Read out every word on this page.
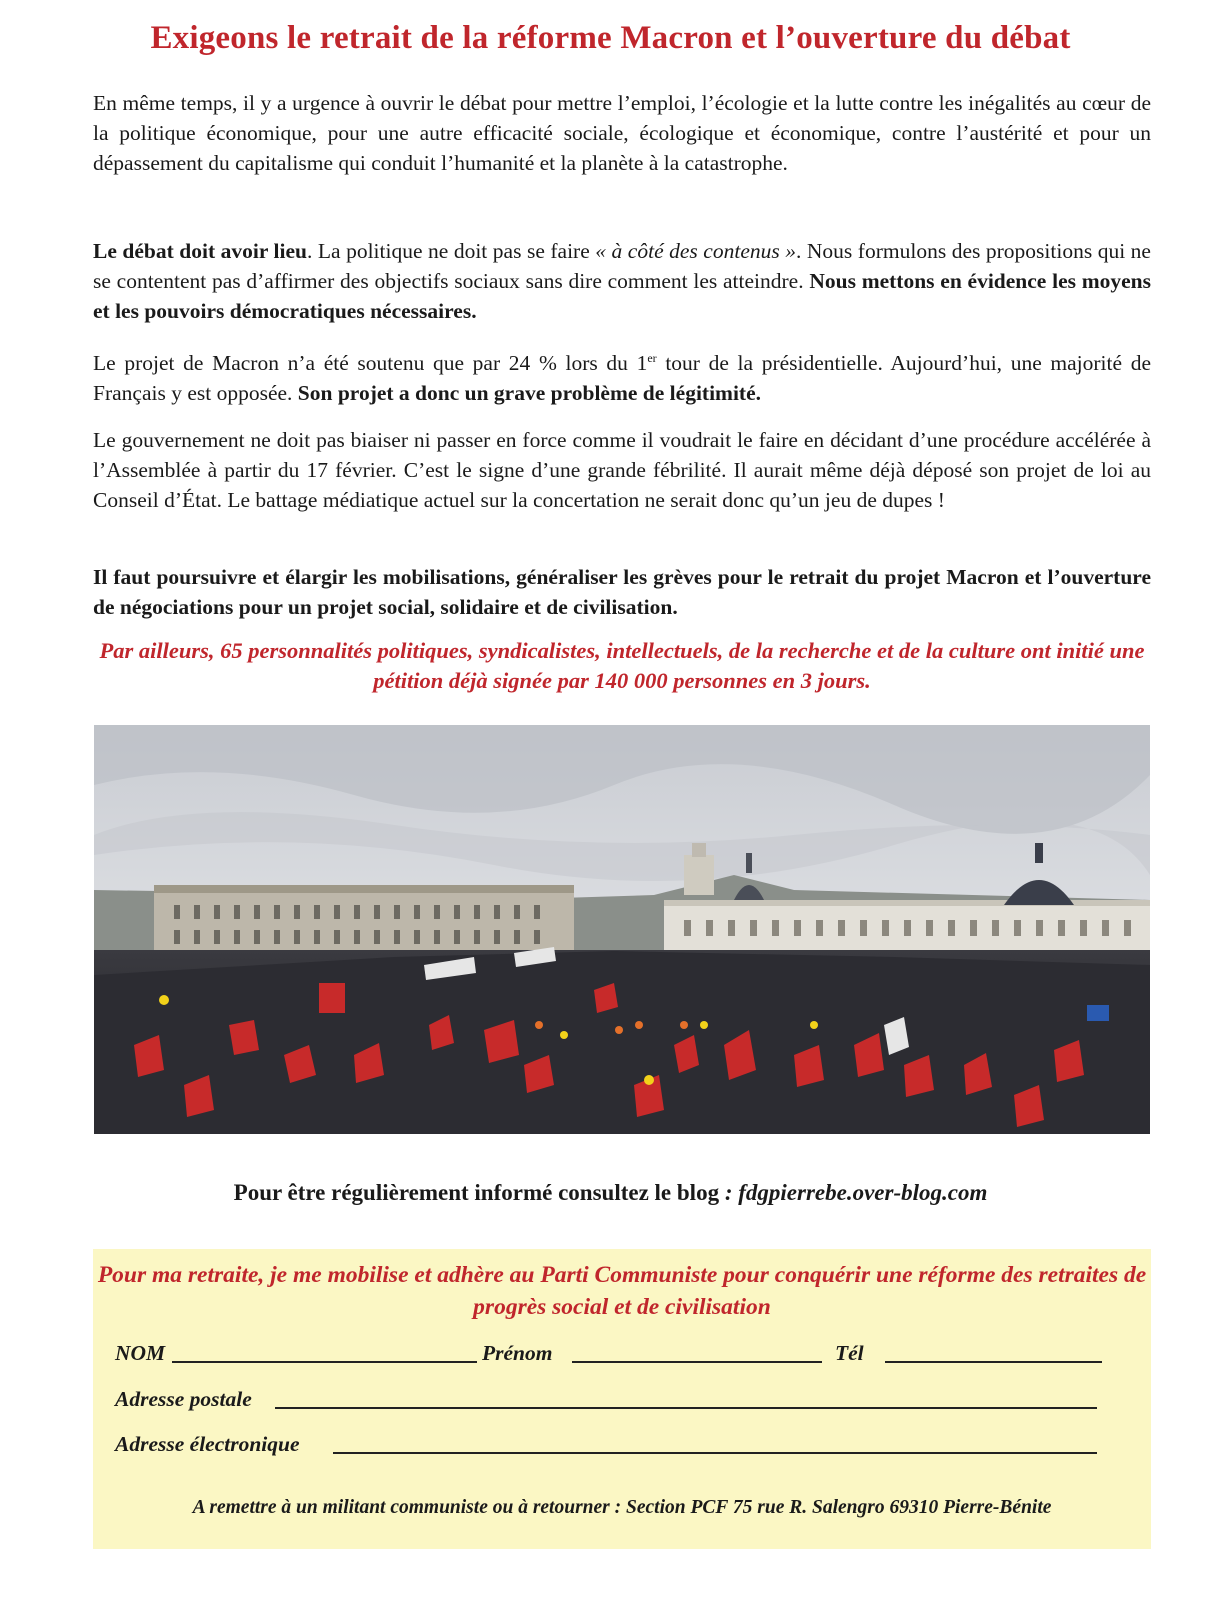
Exigeons le retrait de la réforme Macron et l’ouverture du débat
En même temps, il y a urgence à ouvrir le débat pour mettre l’emploi, l’écologie et la lutte contre les inégalités au cœur de la politique économique, pour une autre efficacité sociale, écologique et économique, contre l’austérité et pour un dépassement du capitalisme qui conduit l’humanité et la planète à la catastrophe.
Le débat doit avoir lieu. La politique ne doit pas se faire « à côté des contenus ». Nous formulons des propositions qui ne se contentent pas d’affirmer des objectifs sociaux sans dire comment les atteindre. Nous mettons en évidence les moyens et les pouvoirs démocratiques nécessaires.
Le projet de Macron n’a été soutenu que par 24 % lors du 1er tour de la présidentielle. Aujourd’hui, une majorité de Français y est opposée. Son projet a donc un grave problème de légitimité.
Le gouvernement ne doit pas biaiser ni passer en force comme il voudrait le faire en décidant d’une procédure accélérée à l’Assemblée à partir du 17 février. C’est le signe d’une grande fébrilité. Il aurait même déjà déposé son projet de loi au Conseil d’État. Le battage médiatique actuel sur la concertation ne serait donc qu’un jeu de dupes !
Il faut poursuivre et élargir les mobilisations, généraliser les grèves pour le retrait du projet Macron et l’ouverture de négociations pour un projet social, solidaire et de civilisation.
Par ailleurs, 65 personnalités politiques, syndicalistes, intellectuels, de la recherche et de la culture ont initié une pétition déjà signée par 140 000 personnes en 3 jours.
Pour être régulièrement informé consultez le blog : fdgpierrebe.over-blog.com
Pour ma retraite, je me mobilise et adhère au Parti Communiste pour conquérir une réforme des retraites de progrès social et de civilisation
NOM	Prénom	Tél
Adresse postale
Adresse électronique
A remettre à un militant communiste ou à retourner : Section PCF 75 rue R. Salengro 69310 Pierre-Bénite
